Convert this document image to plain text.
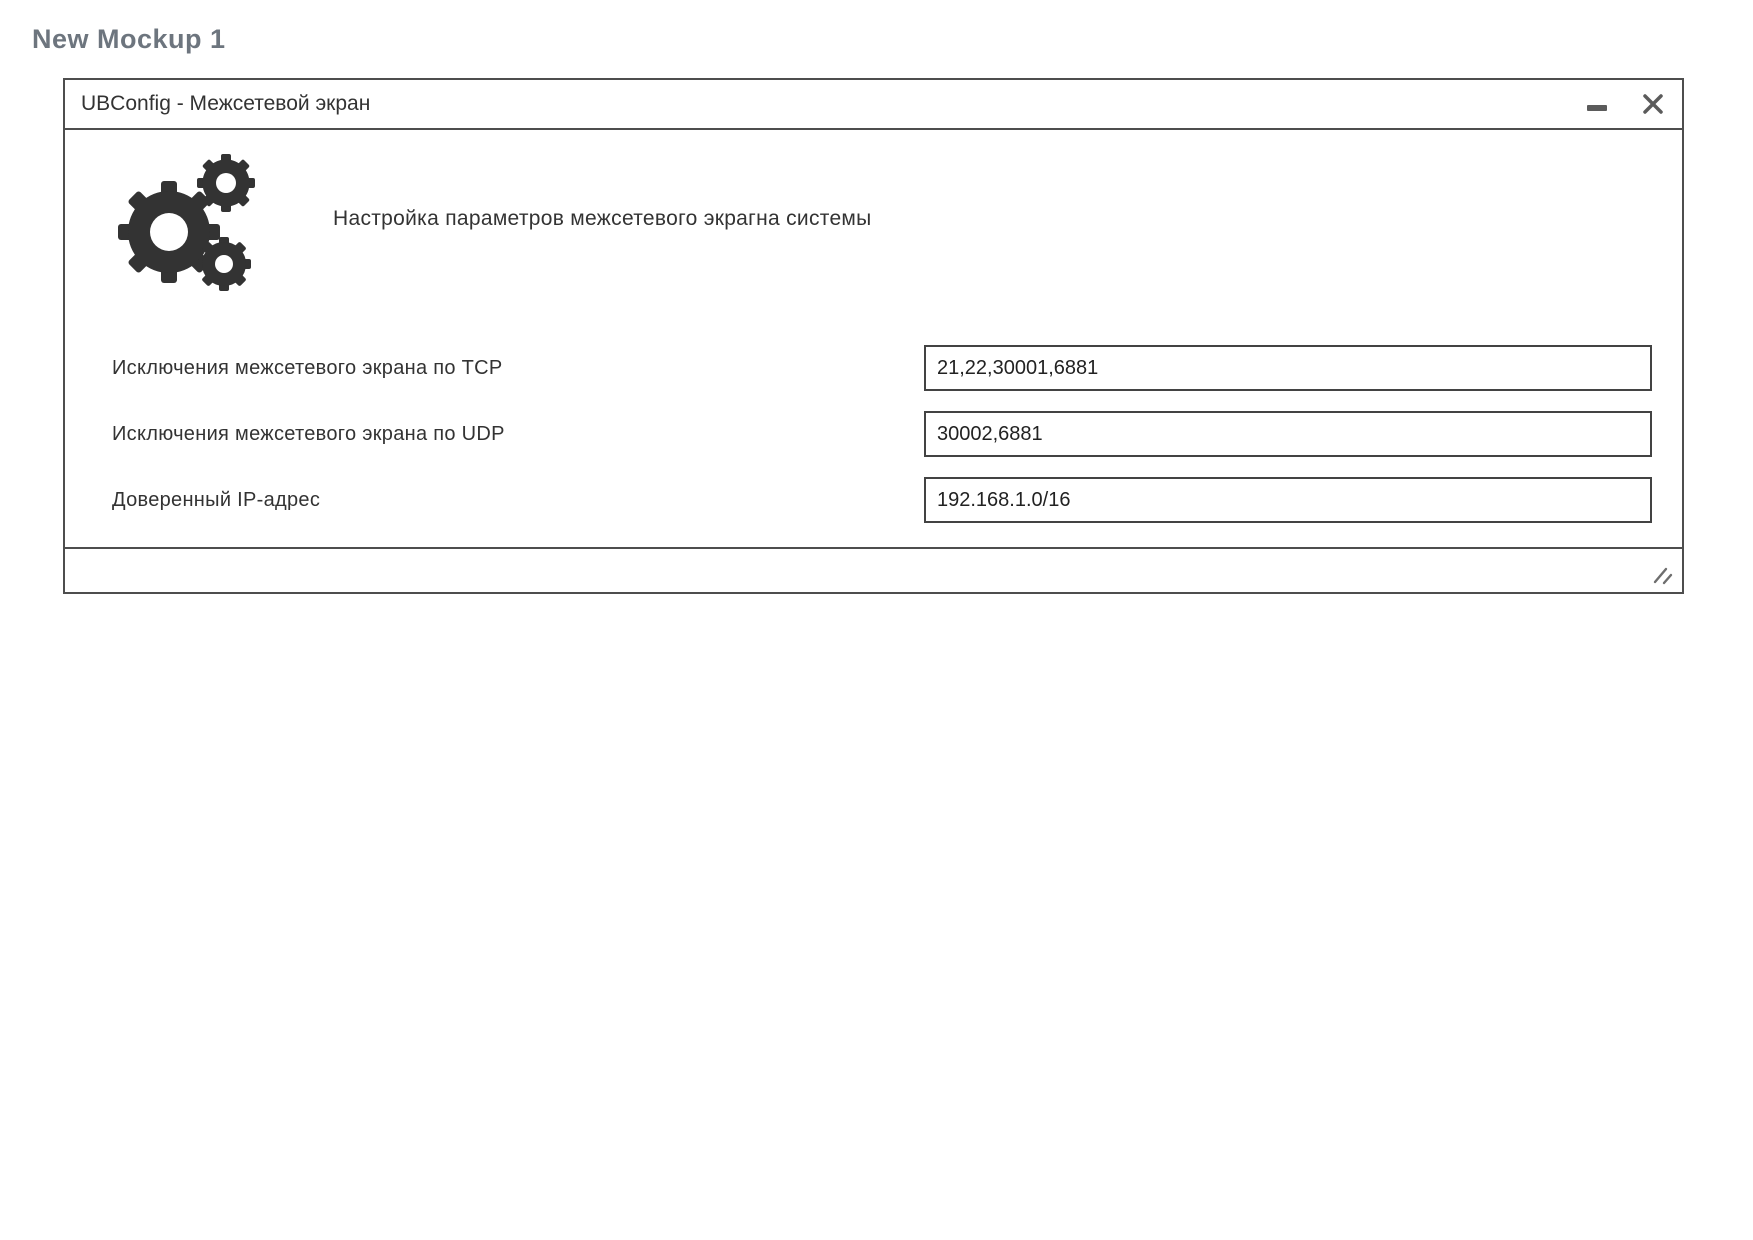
New Mockup 1
UBConfig - Межсетевой экран
Настройка параметров межсетевого экрагна системы
Исключения межсетевого экрана по TCP
21,22,30001,6881
Исключения межсетевого экрана по UDP
30002,6881
Доверенный IP-адрес
192.168.1.0/16
